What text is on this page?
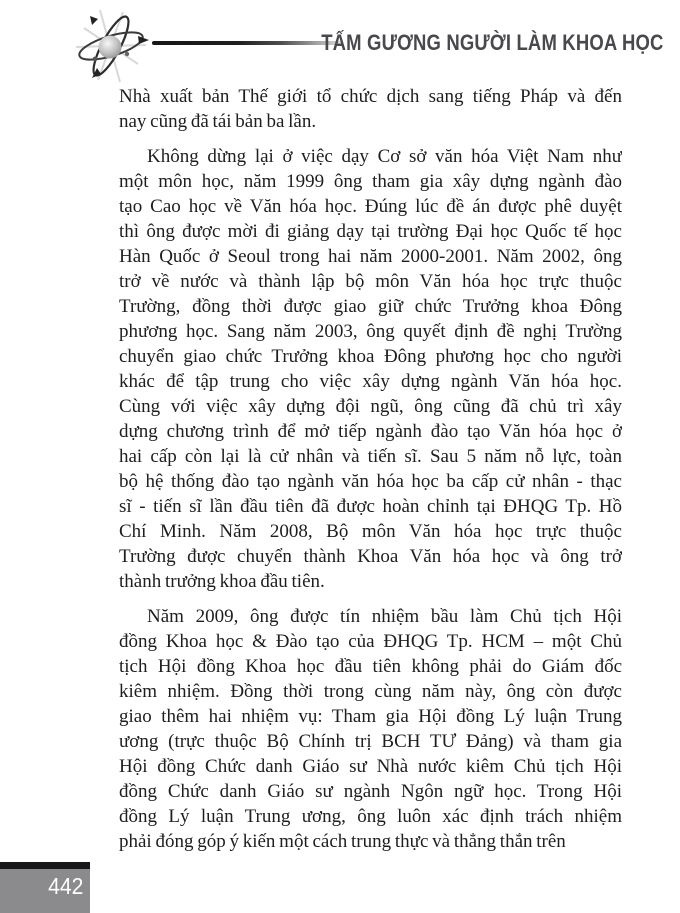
TẤM GƯƠNG NGƯỜI LÀM KHOA HỌC
Nhà xuất bản Thế giới tổ chức dịch sang tiếng Pháp và đến
nay cũng đã tái bản ba lần.
Không dừng lại ở việc dạy Cơ sở văn hóa Việt Nam như
một môn học, năm 1999 ông tham gia xây dựng ngành đào
tạo Cao học về Văn hóa học. Đúng lúc đề án được phê duyệt
thì ông được mời đi giảng dạy tại trường Đại học Quốc tế học
Hàn Quốc ở Seoul trong hai năm 2000-2001. Năm 2002, ông
trở về nước và thành lập bộ môn Văn hóa học trực thuộc
Trường, đồng thời được giao giữ chức Trưởng khoa Đông
phương học. Sang năm 2003, ông quyết định đề nghị Trường
chuyển giao chức Trưởng khoa Đông phương học cho người
khác để tập trung cho việc xây dựng ngành Văn hóa học.
Cùng với việc xây dựng đội ngũ, ông cũng đã chủ trì xây
dựng chương trình để mở tiếp ngành đào tạo Văn hóa học ở
hai cấp còn lại là cử nhân và tiến sĩ. Sau 5 năm nỗ lực, toàn
bộ hệ thống đào tạo ngành văn hóa học ba cấp cử nhân - thạc
sĩ - tiến sĩ lần đầu tiên đã được hoàn chỉnh tại ĐHQG Tp. Hồ
Chí Minh. Năm 2008, Bộ môn Văn hóa học trực thuộc
Trường được chuyển thành Khoa Văn hóa học và ông trở
thành trưởng khoa đầu tiên.
Năm 2009, ông được tín nhiệm bầu làm Chủ tịch Hội
đồng Khoa học & Đào tạo của ĐHQG Tp. HCM – một Chủ
tịch Hội đồng Khoa học đầu tiên không phải do Giám đốc
kiêm nhiệm. Đồng thời trong cùng năm này, ông còn được
giao thêm hai nhiệm vụ: Tham gia Hội đồng Lý luận Trung
ương (trực thuộc Bộ Chính trị BCH TƯ Đảng) và tham gia
Hội đồng Chức danh Giáo sư Nhà nước kiêm Chủ tịch Hội
đồng Chức danh Giáo sư ngành Ngôn ngữ học. Trong Hội
đồng Lý luận Trung ương, ông luôn xác định trách nhiệm
phải đóng góp ý kiến một cách trung thực và thẳng thắn trên
442
